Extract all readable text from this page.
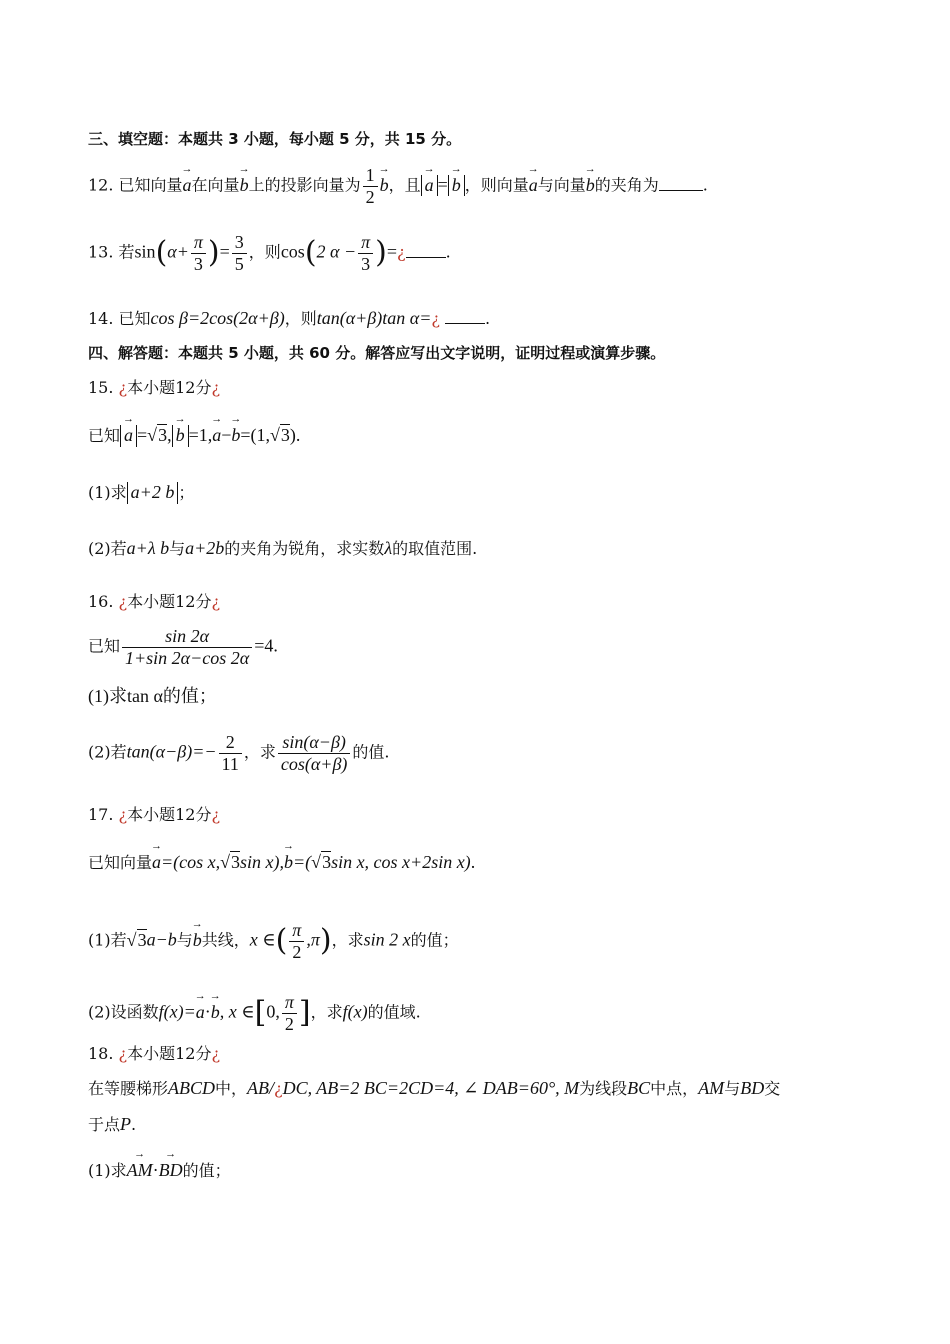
三、填空题：本题共 3 小题，每小题 5 分，共 15 分。
12. 已知向量→ a在向量→ b上的投影向量为 $\frac{1}{2}$
→ b，且→ a =→ b ，则向量→ a与向量→ b的夹角为	.
13. 若$\sin(\alpha+ \frac{\pi}{3}$ )= $\frac{3}{5}$ ，则cos(2 $\alpha - \frac{\pi}{3}$ )=¿	.
14. 已知cos β=2cos(2α+β)，则tan(α+β)tan α=¿	.
四、解答题：本题共 5 小题，共 60 分。解答应写出文字说明，证明过程或演算步骤。
15. ¿本小题12分¿
已知→ a =√3,→ b =1,→ a−→ b=(1,√3).
(1)求 a+2 b ；
(2)若a+λ b与a+2b的夹角为锐角，求实数λ的取值范围.
16. ¿本小题12分¿
已知 $\frac{\sin 2\alpha}{1+\sin 2\alpha-\cos 2\alpha} =4$.
(1)求tan α的值；
(2)若$\tan(\alpha-\beta)=- \frac{2}{11}$ ，求 $\frac{\sin(\alpha-\beta)}{\cos(\alpha+\beta)}$ 的值.
17. ¿本小题12分¿
已知向量→ a=(cos x,√3sin x),→ b=(√3sin x, cos x+2sin x).
(1)若√3a−b与→ b共线，x ∈( $\frac{\pi}{2} ,\pi$)，求sin 2 x的值；
(2)设函数f(x)=→ a·→ b, x ∈[0, $\frac{\pi}{2}$ ]，求f(x)的值域.
18. ¿本小题12分¿
在等腰梯形ABCD中，AB/¿DC, AB=2 BC=2CD=4, ∠ DAB=60°, M为线段BC中点，AM与BD交
于点P.
(1)求→ AM·→ BD的值；
